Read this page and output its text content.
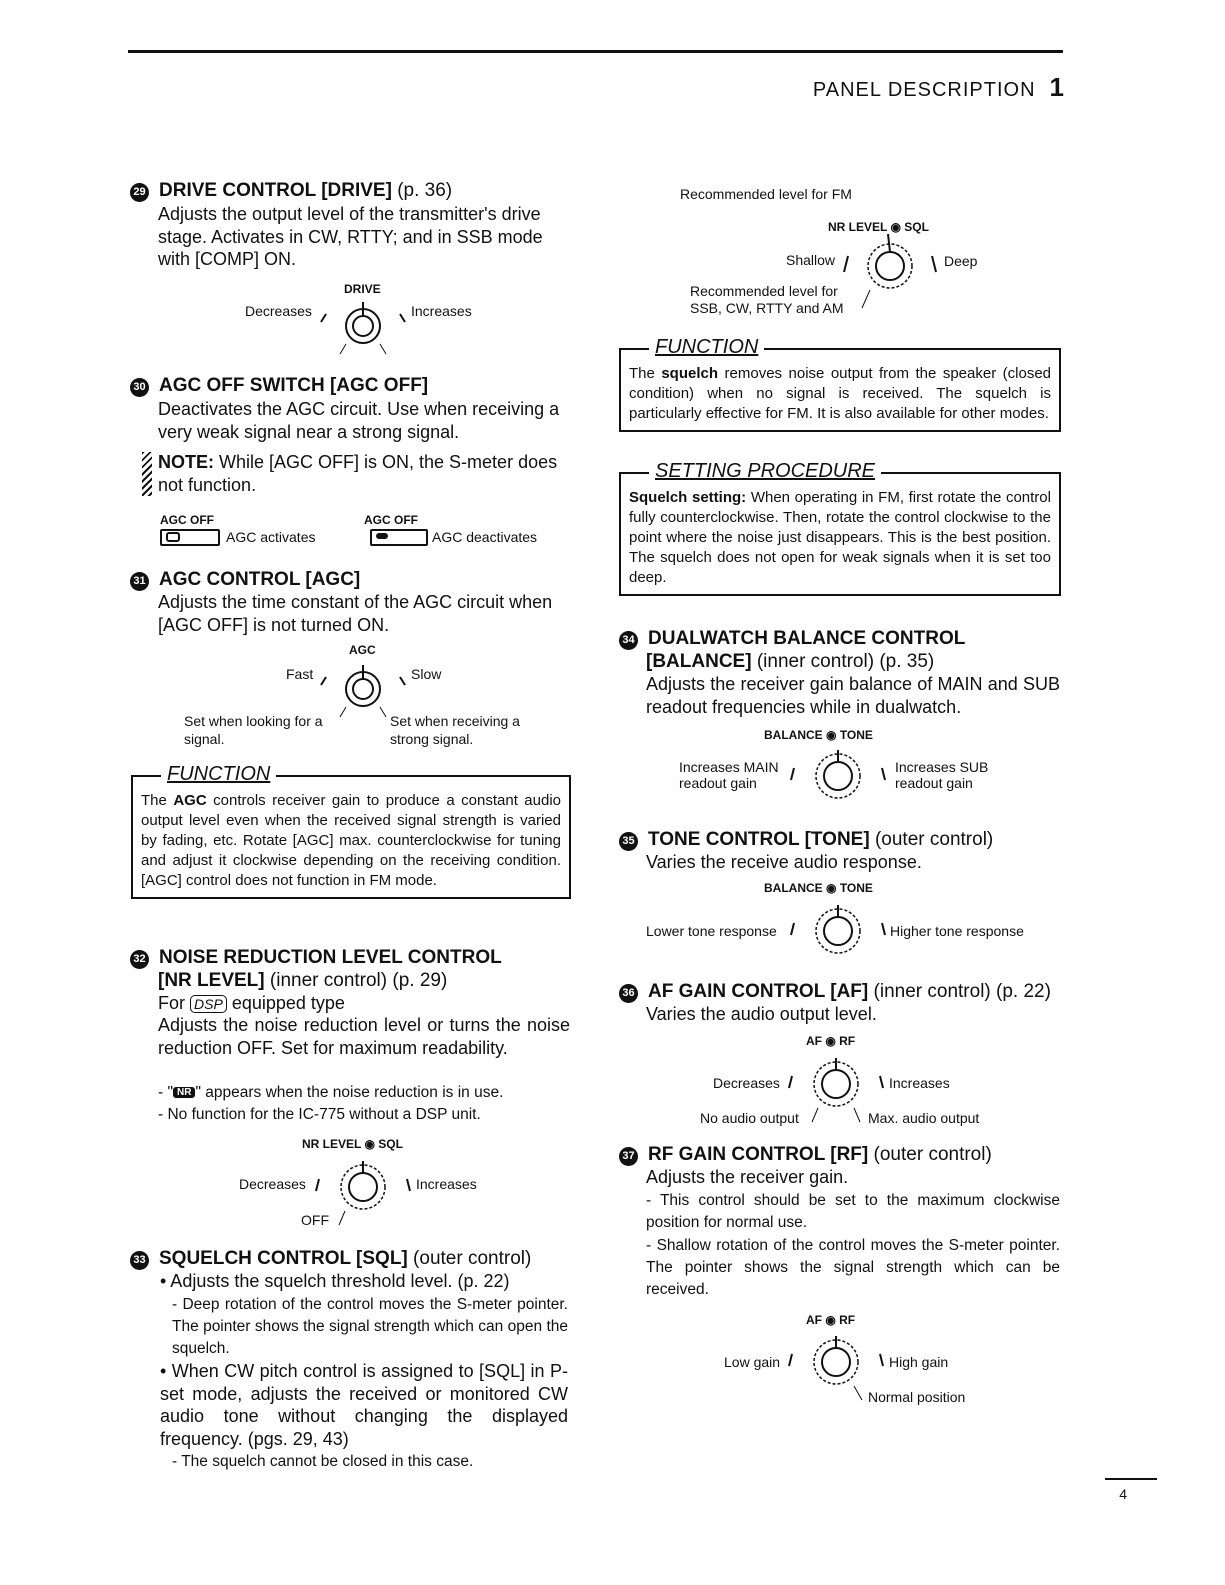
PANEL DESCRIPTION 1
29 DRIVE CONTROL [DRIVE] (p. 36)
Adjusts the output level of the transmitter's drive stage. Activates in CW, RTTY; and in SSB mode with [COMP] ON.
DRIVE
Decreases	Increases
30 AGC OFF SWITCH [AGC OFF]
Deactivates the AGC circuit. Use when receiving a very weak signal near a strong signal.
NOTE: While [AGC OFF] is ON, the S-meter does not function.
AGC OFF
AGC activates
AGC OFF
AGC deactivates
31 AGC CONTROL [AGC]
Adjusts the time constant of the AGC circuit when [AGC OFF] is not turned ON.
AGC
Fast	Slow
Set when looking for a signal.
Set when receiving a strong signal.
FUNCTION
The AGC controls receiver gain to produce a constant audio output level even when the received signal strength is varied by fading, etc. Rotate [AGC] max. counterclockwise for tuning and adjust it clockwise depending on the receiving condition. [AGC] control does not function in FM mode.
32 NOISE REDUCTION LEVEL CONTROL
[NR LEVEL] (inner control) (p. 29)
For DSP equipped type
Adjusts the noise reduction level or turns the noise reduction OFF. Set for maximum readability.
- " NR " appears when the noise reduction is in use.
- No function for the IC-775 without a DSP unit.
NR LEVEL ◉ SQL
Decreases	Increases
OFF
33 SQUELCH CONTROL [SQL] (outer control)
• Adjusts the squelch threshold level. (p. 22)
- Deep rotation of the control moves the S-meter pointer. The pointer shows the signal strength which can open the squelch.
• When CW pitch control is assigned to [SQL] in P-set mode, adjusts the received or monitored CW audio tone without changing the displayed frequency. (pgs. 29, 43)
- The squelch cannot be closed in this case.
Recommended level for FM
NR LEVEL ◉ SQL
Shallow	Deep
Recommended level for SSB, CW, RTTY and AM
FUNCTION
The squelch removes noise output from the speaker (closed condition) when no signal is received. The squelch is particularly effective for FM. It is also available for other modes.
SETTING PROCEDURE
Squelch setting: When operating in FM, first rotate the control fully counterclockwise. Then, rotate the control clockwise to the point where the noise just disappears. This is the best position. The squelch does not open for weak signals when it is set too deep.
34 DUALWATCH BALANCE CONTROL
[BALANCE] (inner control) (p. 35)
Adjusts the receiver gain balance of MAIN and SUB readout frequencies while in dualwatch.
BALANCE ◉ TONE
Increases MAIN readout gain
Increases SUB readout gain
35 TONE CONTROL [TONE] (outer control)
Varies the receive audio response.
BALANCE ◉ TONE
Lower tone response	Higher tone response
36 AF GAIN CONTROL [AF] (inner control) (p. 22)
Varies the audio output level.
AF ◉ RF
Decreases	Increases
No audio output	Max. audio output
37 RF GAIN CONTROL [RF] (outer control)
Adjusts the receiver gain.
- This control should be set to the maximum clockwise position for normal use.
- Shallow rotation of the control moves the S-meter pointer. The pointer shows the signal strength which can be received.
AF ◉ RF
Low gain	High gain
Normal position
4
